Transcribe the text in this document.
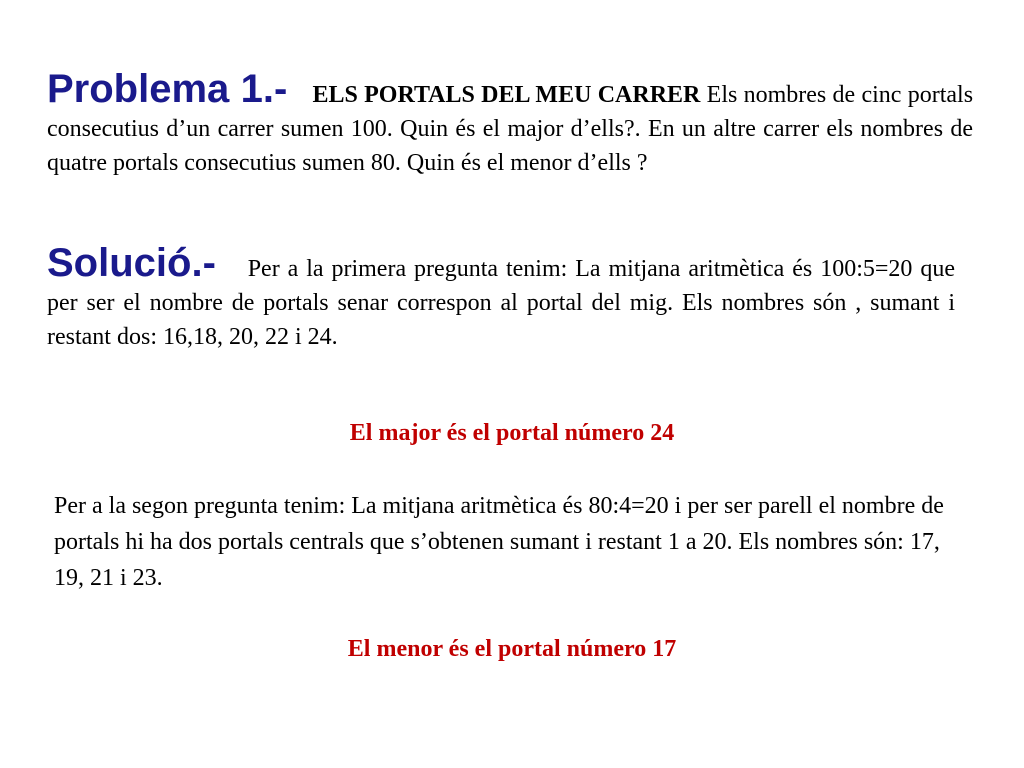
Problema 1.- ELS PORTALS DEL MEU CARRER Els nombres de cinc portals consecutius d’un carrer sumen 100. Quin és el major d’ells?. En un altre carrer els nombres de quatre portals consecutius sumen 80. Quin és el menor d’ells ?

Solució.- Per a la primera pregunta tenim: La mitjana aritmètica és 100:5=20 que per ser el nombre de portals senar correspon al portal del mig. Els nombres són , sumant i restant dos: 16,18, 20, 22 i 24.

El major és el portal número 24

Per a la segon pregunta tenim: La mitjana aritmètica és 80:4=20 i per ser parell el nombre de portals hi ha dos portals centrals que s’obtenen sumant i restant 1 a 20. Els nombres són: 17, 19, 21 i 23.

El menor és el portal número 17
